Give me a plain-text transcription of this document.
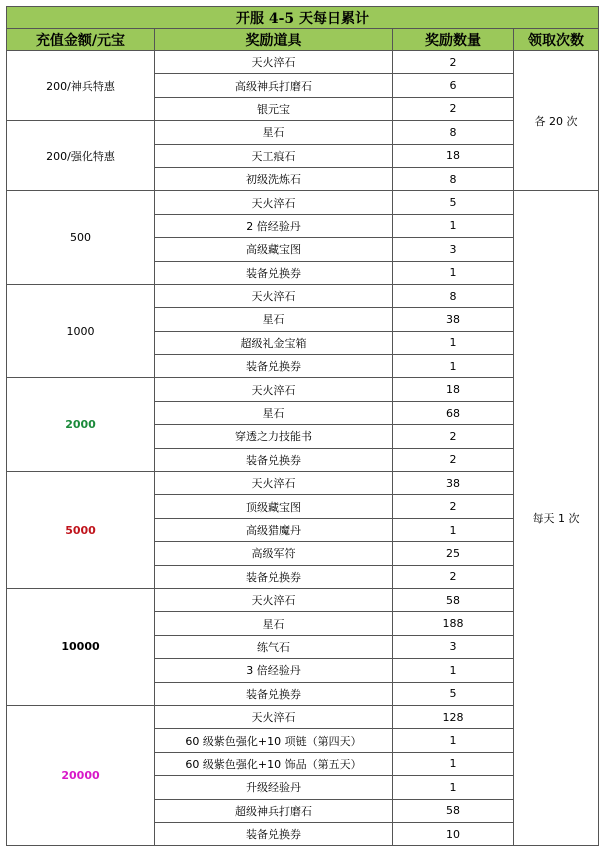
开服 4-5 天每日累计			
充值金额/元宝	奖励道具	奖励数量	领取次数
200/神兵特惠	天火淬石	2	各 20 次
	高级神兵打磨石	6	
	银元宝	2	
200/强化特惠	星石	8	
	天工痕石	18	
	初级洗炼石	8	
500	天火淬石	5	每天 1 次
	2 倍经验丹	1	
	高级藏宝图	3	
	装备兑换券	1	
1000	天火淬石	8	
	星石	38	
	超级礼金宝箱	1	
	装备兑换券	1	
2000	天火淬石	18	
	星石	68	
	穿透之力技能书	2	
	装备兑换券	2	
5000	天火淬石	38	
	顶级藏宝图	2	
	高级猎魔丹	1	
	高级军符	25	
	装备兑换券	2	
10000	天火淬石	58	
	星石	188	
	练气石	3	
	3 倍经验丹	1	
	装备兑换券	5	
20000	天火淬石	128	
	60 级紫色强化+10 项链（第四天）	1	
	60 级紫色强化+10 饰品（第五天）	1	
	升级经验丹	1	
	超级神兵打磨石	58	
	装备兑换券	10	
